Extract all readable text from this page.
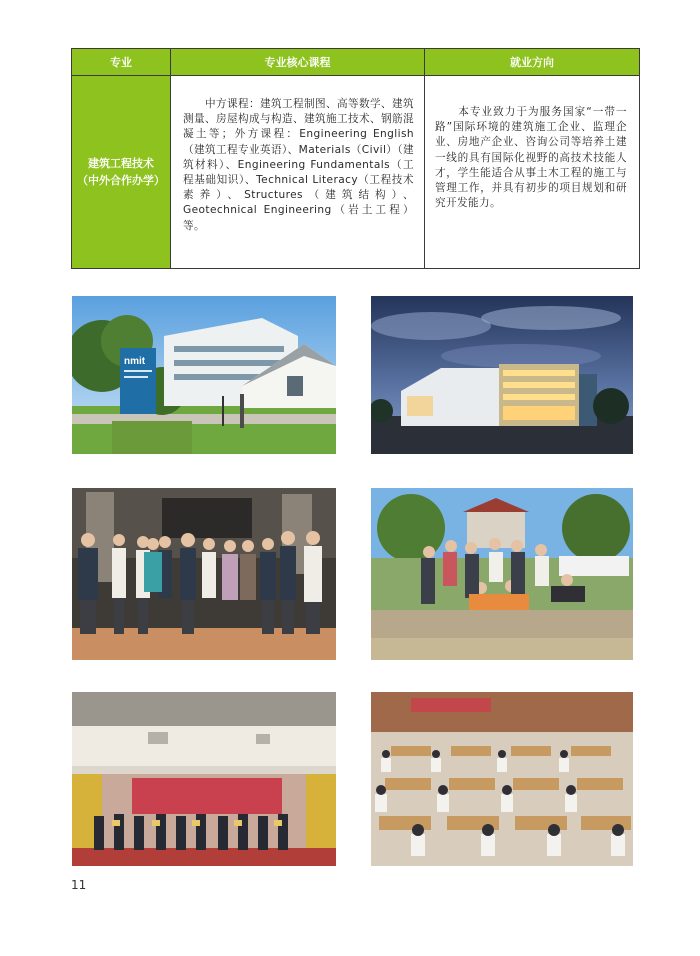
专业	专业核心课程	就业方向

建筑工程技术
（中外合作办学）	　　中方课程：建筑工程制图、高等数学、建筑测量、房屋构成与构造、建筑施工技术、钢筋混凝土等；外方课程：Engineering English（建筑工程专业英语）、Materials（Civil）（建筑材料）、Engineering Fundamentals（工程基础知识）、Technical Literacy（工程技术素养）、Structures（建筑结构）、Geotechnical Engineering（岩土工程）等。	　　本专业致力于为服务国家“一带一路”国际环境的建筑施工企业、监理企业、房地产企业、咨询公司等培养土建一线的具有国际化视野的高技术技能人才，学生能适合从事土木工程的施工与管理工作，并具有初步的项目规划和研究开发能力。
nmit
11
